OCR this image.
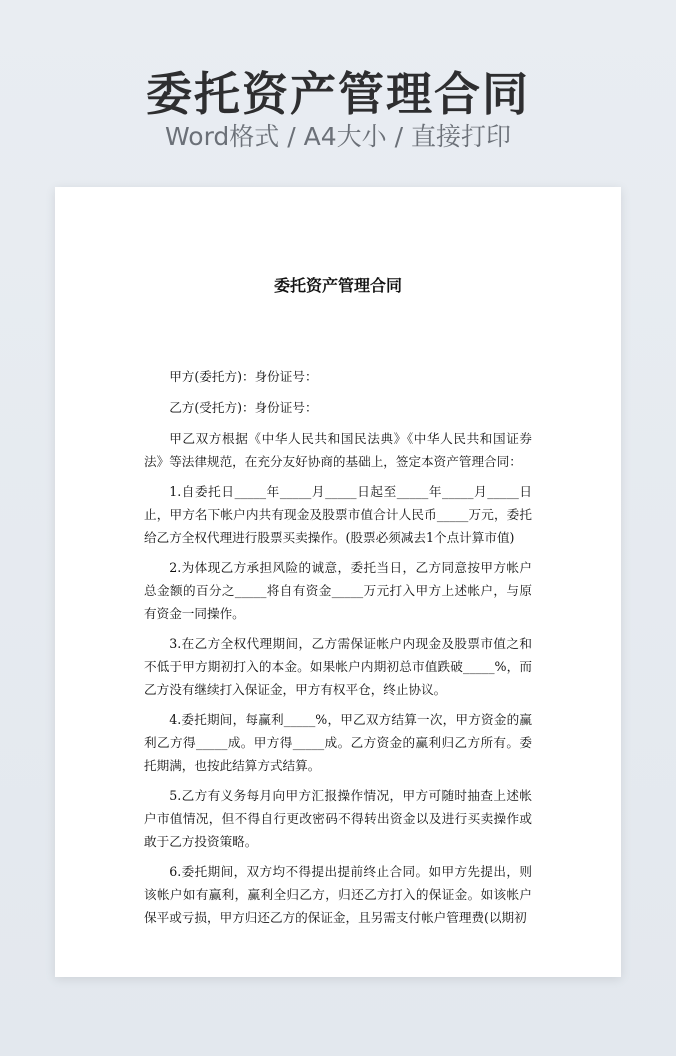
委托资产管理合同
Word格式 / A4大小 / 直接打印
委托资产管理合同

甲方(委托方)：身份证号：

乙方(受托方)：身份证号：

甲乙双方根据《中华人民共和国民法典》《中华人民共和国证券法》等法律规范，在充分友好协商的基础上，签定本资产管理合同：

1.自委托日_____年_____月_____日起至_____年_____月_____日止，甲方名下帐户内共有现金及股票市值合计人民币_____万元，委托给乙方全权代理进行股票买卖操作。(股票必须减去1个点计算市值)

2.为体现乙方承担风险的诚意，委托当日，乙方同意按甲方帐户总金额的百分之_____将自有资金_____万元打入甲方上述帐户，与原有资金一同操作。

3.在乙方全权代理期间，乙方需保证帐户内现金及股票市值之和不低于甲方期初打入的本金。如果帐户内期初总市值跌破_____%，而乙方没有继续打入保证金，甲方有权平仓，终止协议。

4.委托期间，每赢利_____%，甲乙双方结算一次，甲方资金的赢利乙方得_____成。甲方得_____成。乙方资金的赢利归乙方所有。委托期满，也按此结算方式结算。

5.乙方有义务每月向甲方汇报操作情况，甲方可随时抽查上述帐户市值情况，但不得自行更改密码不得转出资金以及进行买卖操作或敢于乙方投资策略。

6.委托期间，双方均不得提出提前终止合同。如甲方先提出，则该帐户如有赢利，赢利全归乙方，归还乙方打入的保证金。如该帐户保平或亏损，甲方归还乙方的保证金，且另需支付帐户管理费(以期初
